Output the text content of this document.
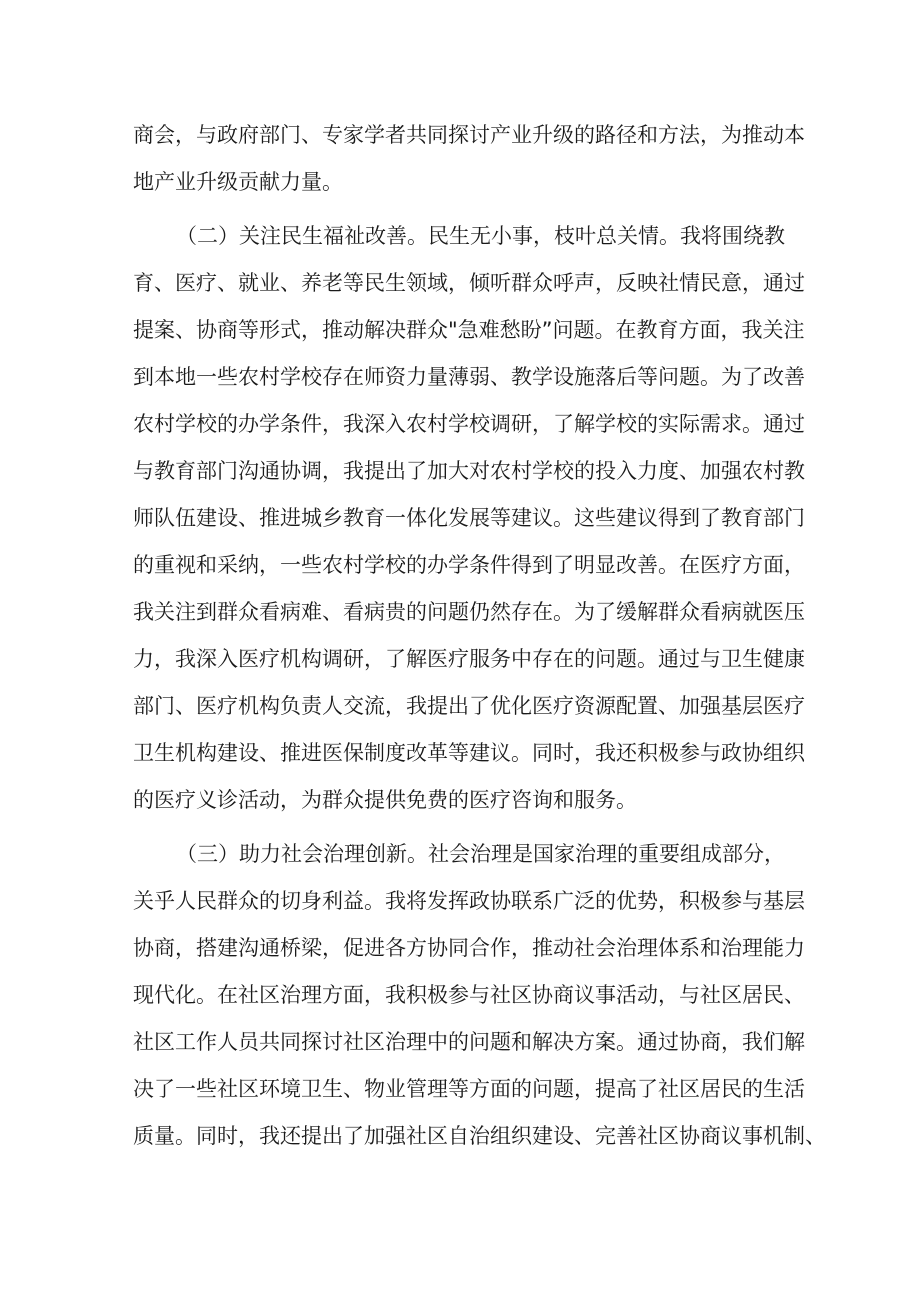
商会，与政府部门、专家学者共同探讨产业升级的路径和方法，为推动本
地产业升级贡献力量。
（二）关注民生福祉改善。民生无小事，枝叶总关情。我将围绕教
育、医疗、就业、养老等民生领域，倾听群众呼声，反映社情民意，通过
提案、协商等形式，推动解决群众"急难愁盼”问题。在教育方面，我关注
到本地一些农村学校存在师资力量薄弱、教学设施落后等问题。为了改善
农村学校的办学条件，我深入农村学校调研，了解学校的实际需求。通过
与教育部门沟通协调，我提出了加大对农村学校的投入力度、加强农村教
师队伍建设、推进城乡教育一体化发展等建议。这些建议得到了教育部门
的重视和采纳，一些农村学校的办学条件得到了明显改善。在医疗方面，
我关注到群众看病难、看病贵的问题仍然存在。为了缓解群众看病就医压
力，我深入医疗机构调研，了解医疗服务中存在的问题。通过与卫生健康
部门、医疗机构负责人交流，我提出了优化医疗资源配置、加强基层医疗
卫生机构建设、推进医保制度改革等建议。同时，我还积极参与政协组织
的医疗义诊活动，为群众提供免费的医疗咨询和服务。
（三）助力社会治理创新。社会治理是国家治理的重要组成部分，
关乎人民群众的切身利益。我将发挥政协联系广泛的优势，积极参与基层
协商，搭建沟通桥梁，促进各方协同合作，推动社会治理体系和治理能力
现代化。在社区治理方面，我积极参与社区协商议事活动，与社区居民、
社区工作人员共同探讨社区治理中的问题和解决方案。通过协商，我们解
决了一些社区环境卫生、物业管理等方面的问题，提高了社区居民的生活
质量。同时，我还提出了加强社区自治组织建设、完善社区协商议事机制、
